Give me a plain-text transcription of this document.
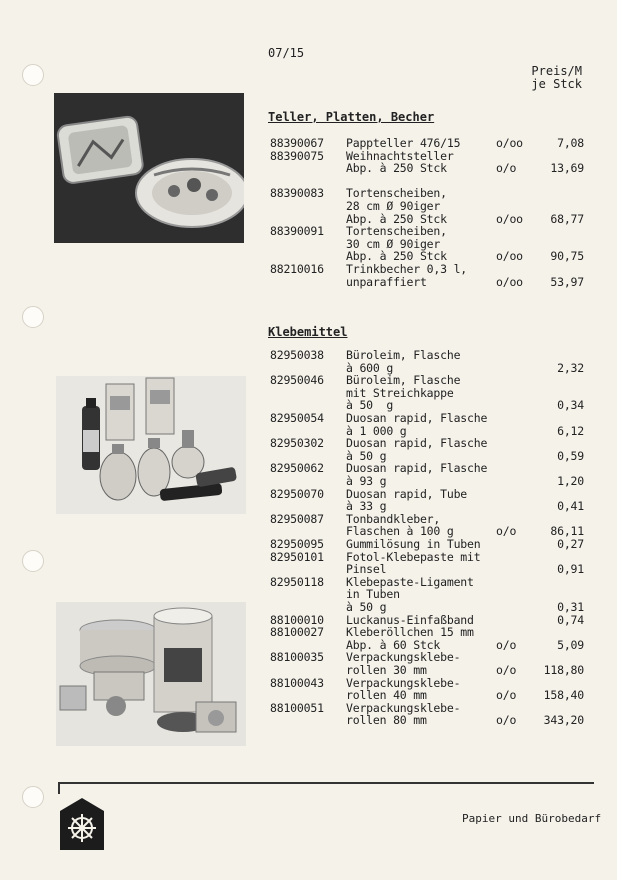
07/15
Preis/M
je Stck
Teller, Platten, Becher
88390067 Pappteller 476/15	o/oo	7,08
88390075 Weihnachtsteller
Abp. à 250 Stck	o/o	13,69
88390083 Tortenscheiben,
28 cm Ø 90iger
Abp. à 250 Stck	o/oo	68,77
88390091 Tortenscheiben,
30 cm Ø 90iger
Abp. à 250 Stck	o/oo	90,75
88210016 Trinkbecher 0,3 l,
unparaffiert	o/oo	53,97
Klebemittel
82950038 Büroleim, Flasche
à 600 g	2,32
82950046 Büroleim, Flasche
mit Streichkappe
à 50  g	0,34
82950054 Duosan rapid, Flasche
à 1 000 g	6,12
82950302 Duosan rapid, Flasche
à 50 g	0,59
82950062 Duosan rapid, Flasche
à 93 g	1,20
82950070 Duosan rapid, Tube
à 33 g	0,41
82950087 Tonbandkleber,
Flaschen à 100 g	o/o	86,11
82950095 Gummilösung in Tuben	0,27
82950101 Fotol-Klebepaste mit
Pinsel	0,91
82950118 Klebepaste-Ligament
in Tuben
à 50 g	0,31
88100010 Luckanus-Einfaßband	0,74
88100027 Kleberöllchen 15 mm
Abp. à 60 Stck	o/o	5,09
88100035 Verpackungsklebe-
rollen 30 mm	o/o	118,80
88100043 Verpackungsklebe-
rollen 40 mm	o/o	158,40
88100051 Verpackungsklebe-
rollen 80 mm	o/o	343,20
Papier und Bürobedarf
